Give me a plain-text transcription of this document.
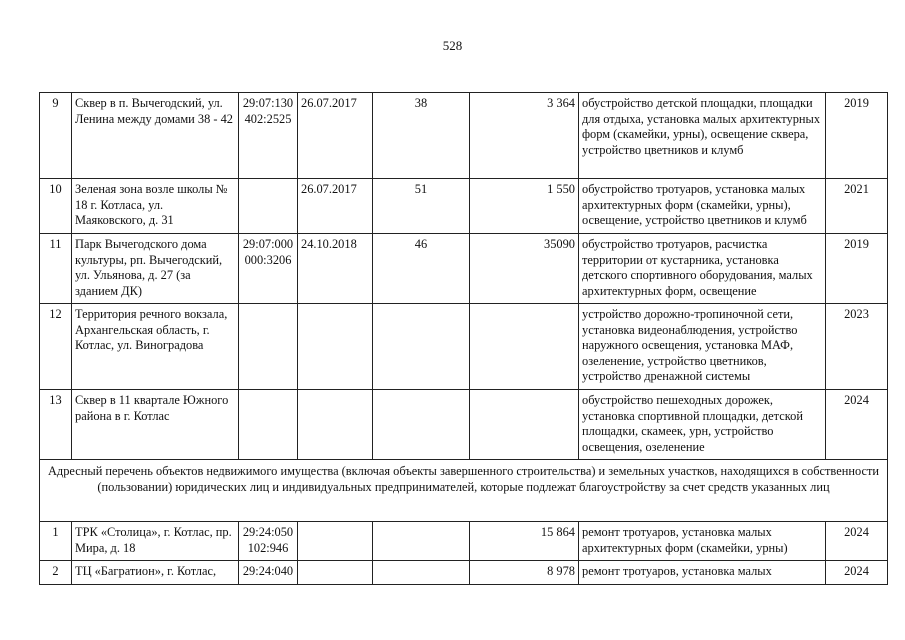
528
9	Сквер в п. Вычегодский, ул. Ленина между домами 38 - 42	29:07:130 402:2525	26.07.2017	38	3 364	обустройство детской площадки, площадки для отдыха, установка малых архитектурных форм (скамейки, урны), освещение сквера, устройство цветников и клумб	2019
10	Зеленая зона возле школы № 18 г. Котласа, ул. Маяковского, д. 31		26.07.2017	51	1 550	обустройство тротуаров, установка малых архитектурных форм (скамейки, урны), освещение, устройство цветников и клумб	2021
11	Парк Вычегодского дома культуры, рп. Вычегодский, ул. Ульянова, д. 27 (за зданием ДК)	29:07:000 000:3206	24.10.2018	46	35090	обустройство тротуаров, расчистка территории от кустарника, установка детского спортивного оборудования, малых архитектурных форм, освещение	2019
12	Территория речного вокзала, Архангельская область, г. Котлас, ул. Виноградова					устройство дорожно-тропиночной сети, установка видеонаблюдения, устройство наружного освещения, установка МАФ, озеленение, устройство цветников, устройство дренажной системы	2023
13	Сквер в 11 квартале Южного района в г. Котлас					обустройство пешеходных дорожек, установка спортивной площадки, детской площадки, скамеек, урн, устройство освещения, озеленение	2024
Адресный перечень объектов недвижимого имущества (включая объекты завершенного строительства) и земельных участков, находящихся в собственности (пользовании) юридических лиц и индивидуальных предпринимателей, которые подлежат благоустройству за счет средств указанных лиц							
1	ТРК «Столица», г. Котлас, пр. Мира, д. 18	29:24:050 102:946			15 864	ремонт тротуаров, установка малых архитектурных форм (скамейки, урны)	2024
2	ТЦ «Багратион», г. Котлас,	29:24:040			8 978	ремонт тротуаров, установка малых	2024
